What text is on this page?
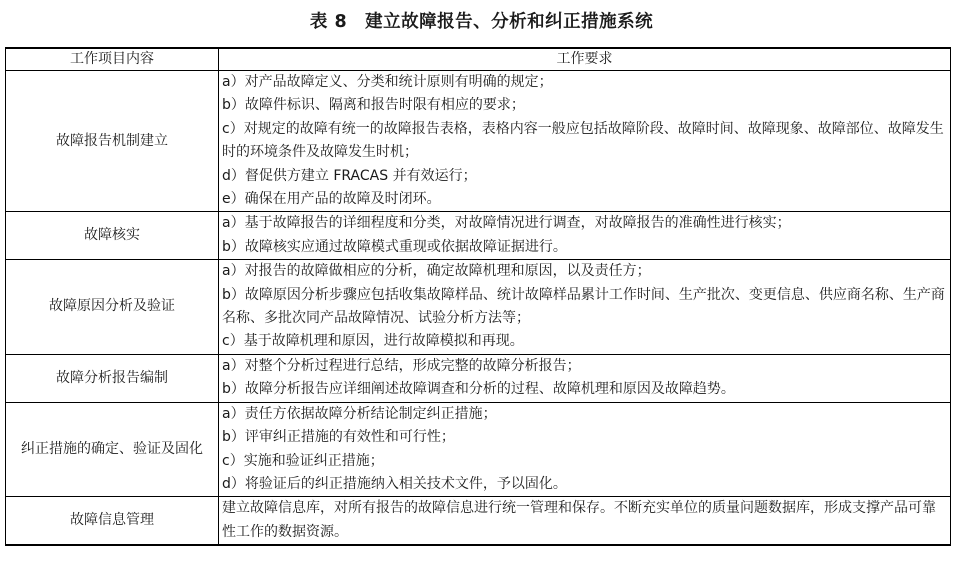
表 8　建立故障报告、分析和纠正措施系统
工作项目内容	工作要求
故障报告机制建立	a）对产品故障定义、分类和统计原则有明确的规定；
b）故障件标识、隔离和报告时限有相应的要求；
c）对规定的故障有统一的故障报告表格，表格内容一般应包括故障阶段、故障时间、故障现象、故障部位、故障发生时的环境条件及故障发生时机；
d）督促供方建立 FRACAS 并有效运行；
e）确保在用产品的故障及时闭环。

故障核实	a）基于故障报告的详细程度和分类，对故障情况进行调查，对故障报告的准确性进行核实；
b）故障核实应通过故障模式重现或依据故障证据进行。

故障原因分析及验证	a）对报告的故障做相应的分析，确定故障机理和原因，以及责任方；
b）故障原因分析步骤应包括收集故障样品、统计故障样品累计工作时间、生产批次、变更信息、供应商名称、生产商名称、多批次同产品故障情况、试验分析方法等；
c）基于故障机理和原因，进行故障模拟和再现。

故障分析报告编制	a）对整个分析过程进行总结，形成完整的故障分析报告；
b）故障分析报告应详细阐述故障调查和分析的过程、故障机理和原因及故障趋势。

纠正措施的确定、验证及固化	a）责任方依据故障分析结论制定纠正措施；
b）评审纠正措施的有效性和可行性；
c）实施和验证纠正措施；
d）将验证后的纠正措施纳入相关技术文件，予以固化。

故障信息管理	建立故障信息库，对所有报告的故障信息进行统一管理和保存。不断充实单位的质量问题数据库，形成支撑产品可靠性工作的数据资源。
